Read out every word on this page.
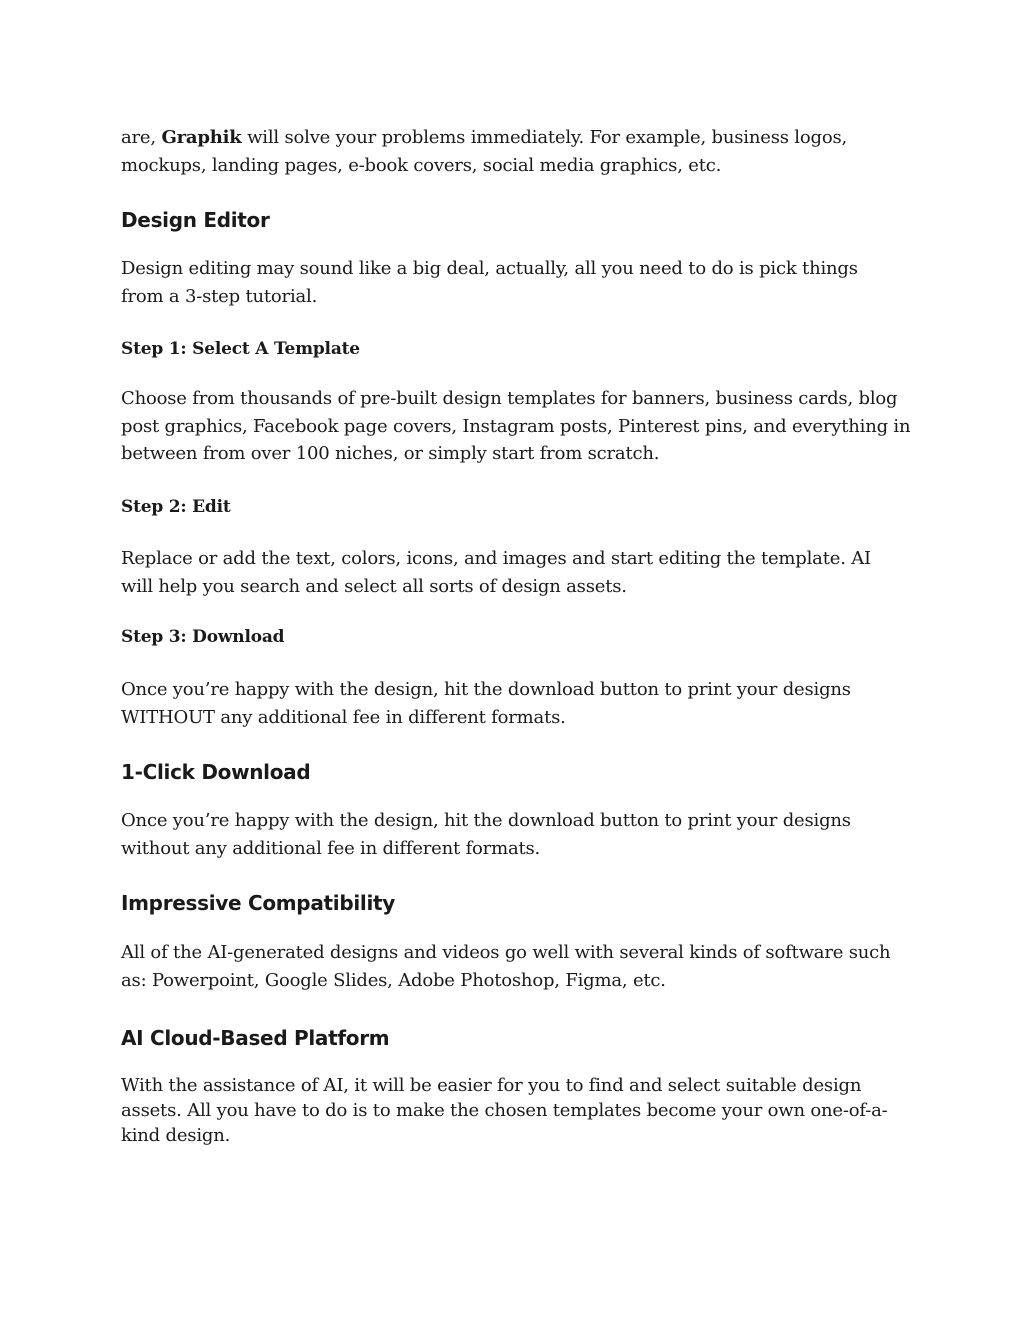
are, Graphik will solve your problems immediately. For example, business logos, mockups, landing pages, e-book covers, social media graphics, etc.

Design Editor

Design editing may sound like a big deal, actually, all you need to do is pick things from a 3-step tutorial.

Step 1: Select A Template

Choose from thousands of pre-built design templates for banners, business cards, blog post graphics, Facebook page covers, Instagram posts, Pinterest pins, and everything in between from over 100 niches, or simply start from scratch.

Step 2: Edit

Replace or add the text, colors, icons, and images and start editing the template. AI will help you search and select all sorts of design assets.

Step 3: Download

Once you’re happy with the design, hit the download button to print your designs WITHOUT any additional fee in different formats.

1-Click Download

Once you’re happy with the design, hit the download button to print your designs without any additional fee in different formats.

Impressive Compatibility

All of the AI-generated designs and videos go well with several kinds of software such as: Powerpoint, Google Slides, Adobe Photoshop, Figma, etc.

AI Cloud-Based Platform

With the assistance of AI, it will be easier for you to find and select suitable design assets. All you have to do is to make the chosen templates become your own one-of-a-kind design.
